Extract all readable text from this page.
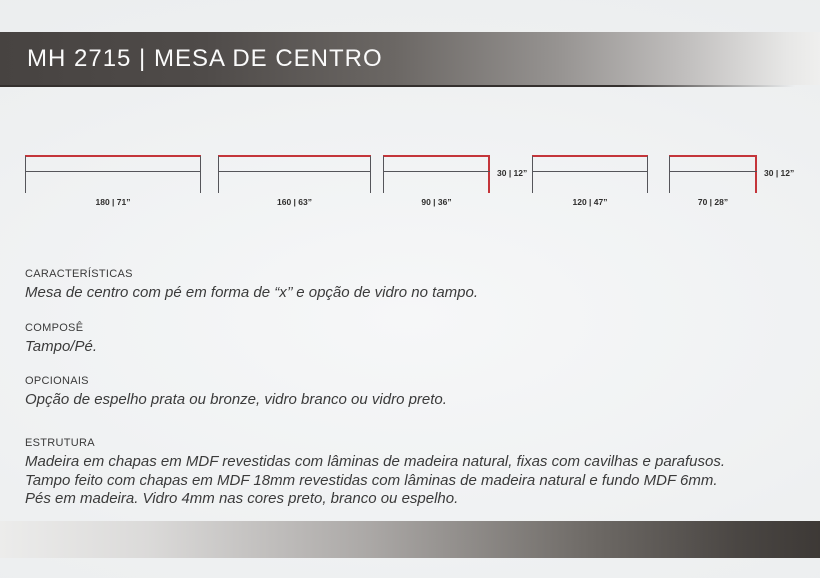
MH 2715 | MESA DE CENTRO
180 | 71”	160 | 63”
30 | 12”
90 | 36”	120 | 47”
30 | 12”
70 | 28”
CARACTERÍSTICAS
Mesa de centro com pé em forma de “x’’ e opção de vidro no tampo.
COMPOSÊ
Tampo/Pé.
OPCIONAIS
Opção de espelho prata ou bronze, vidro branco ou vidro preto.
ESTRUTURA
Madeira em chapas em MDF revestidas com lâminas de madeira natural, fixas com cavilhas e parafusos.
Tampo feito com chapas em MDF 18mm revestidas com lâminas de madeira natural e fundo MDF 6mm.
Pés em madeira. Vidro 4mm nas cores preto, branco ou espelho.
